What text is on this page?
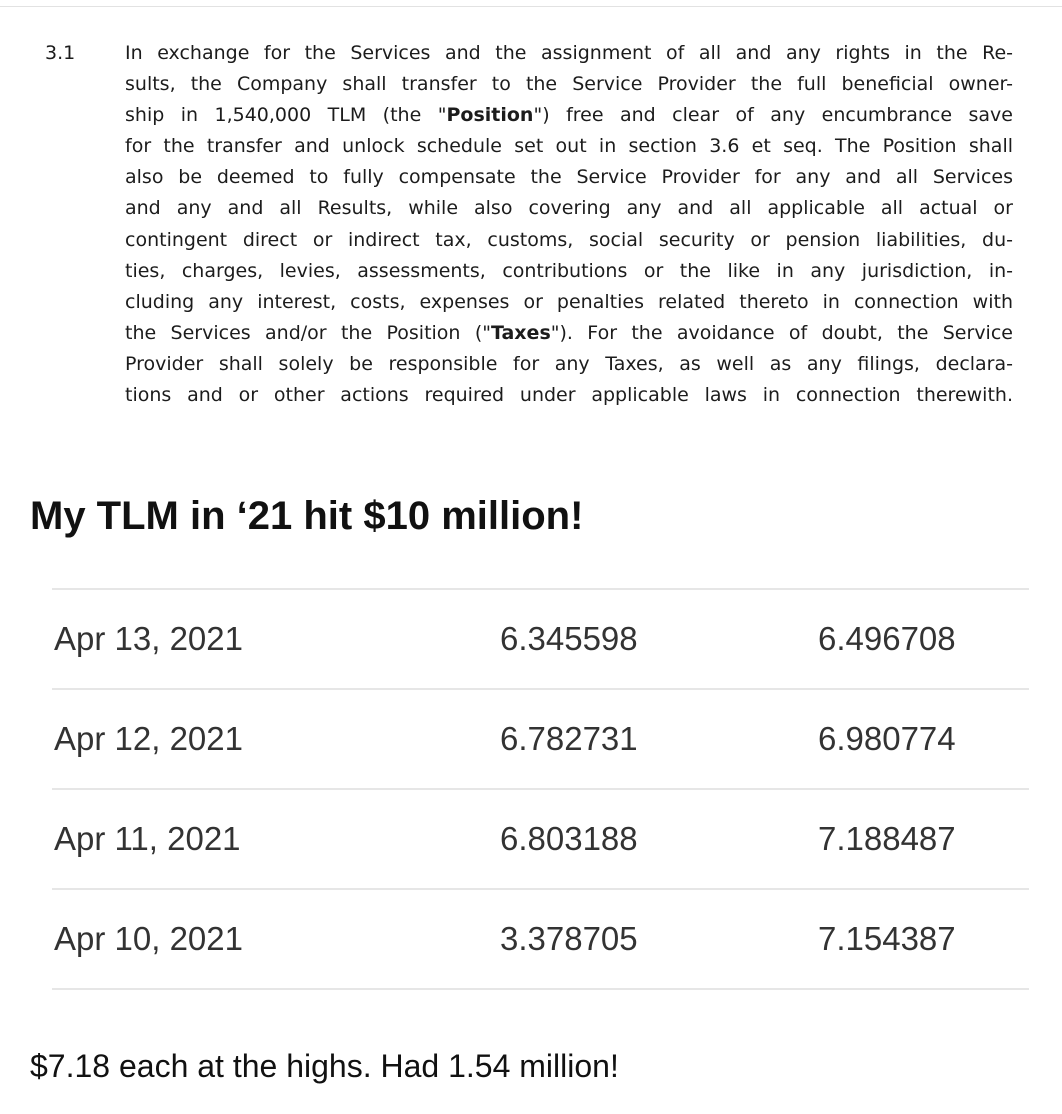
3.1	In exchange for the Services and the assignment of all and any rights in the Re-
sults, the Company shall transfer to the Service Provider the full beneficial owner-
ship in 1,540,000 TLM (the "Position") free and clear of any encumbrance save
for the transfer and unlock schedule set out in section 3.6 et seq. The Position shall
also be deemed to fully compensate the Service Provider for any and all Services
and any and all Results, while also covering any and all applicable all actual or
contingent direct or indirect tax, customs, social security or pension liabilities, du-
ties, charges, levies, assessments, contributions or the like in any jurisdiction, in-
cluding any interest, costs, expenses or penalties related thereto in connection with
the Services and/or the Position ("Taxes"). For the avoidance of doubt, the Service
Provider shall solely be responsible for any Taxes, as well as any filings, declara-
tions and or other actions required under applicable laws in connection therewith.
My TLM in ‘21 hit $10 million!
Apr 13, 2021	6.345598	6.496708
Apr 12, 2021	6.782731	6.980774
Apr 11, 2021	6.803188	7.188487
Apr 10, 2021	3.378705	7.154387

$7.18 each at the highs. Had 1.54 million!
